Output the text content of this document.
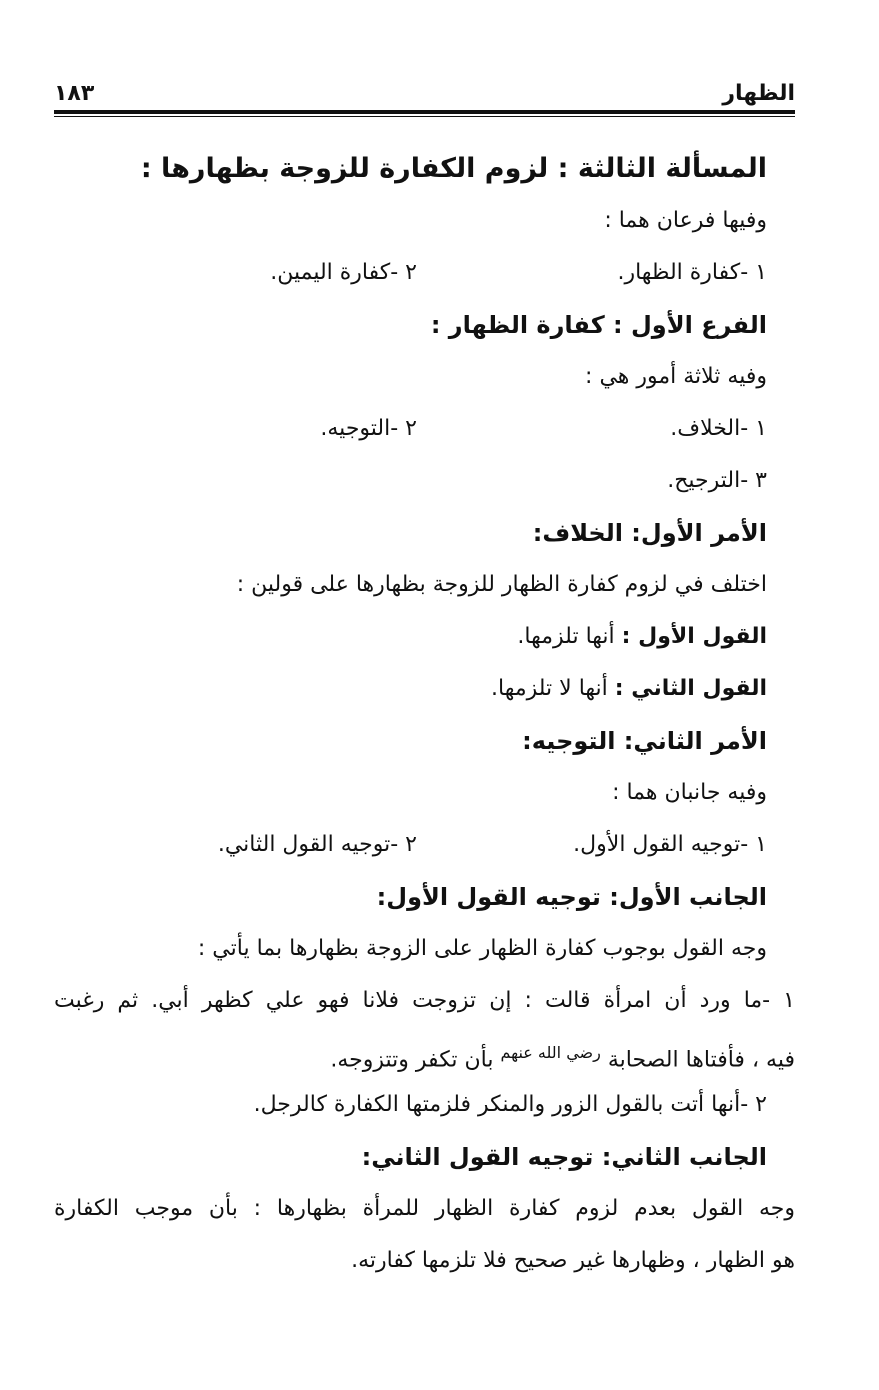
الظهار
١٨٣
المسألة الثالثة : لزوم الكفارة للزوجة بظهارها :
وفيها فرعان هما :
١ -كفارة الظهار.
٢ -كفارة اليمين.
الفرع الأول : كفارة الظهار :
وفيه ثلاثة أمور هي :
١ -الخلاف.
٢ -التوجيه.
٣ -الترجيح.
الأمر الأول: الخلاف:
اختلف في لزوم كفارة الظهار للزوجة بظهارها على قولين :
القول الأول : أنها تلزمها.
القول الثاني : أنها لا تلزمها.
الأمر الثاني: التوجيه:
وفيه جانبان هما :
١ -توجيه القول الأول.
٢ -توجيه القول الثاني.
الجانب الأول: توجيه القول الأول:
وجه القول بوجوب كفارة الظهار على الزوجة بظهارها بما يأتي :
١ -ما ورد أن امرأة قالت : إن تزوجت فلانا فهو علي كظهر أبي. ثم رغبت
فيه ، فأفتاها الصحابة $^{رضي الله عنهم}$ بأن تكفر وتتزوجه.
٢ -أنها أتت بالقول الزور والمنكر فلزمتها الكفارة كالرجل.
الجانب الثاني: توجيه القول الثاني:
وجه القول بعدم لزوم كفارة الظهار للمرأة بظهارها : بأن موجب الكفارة
هو الظهار ، وظهارها غير صحيح فلا تلزمها كفارته.
